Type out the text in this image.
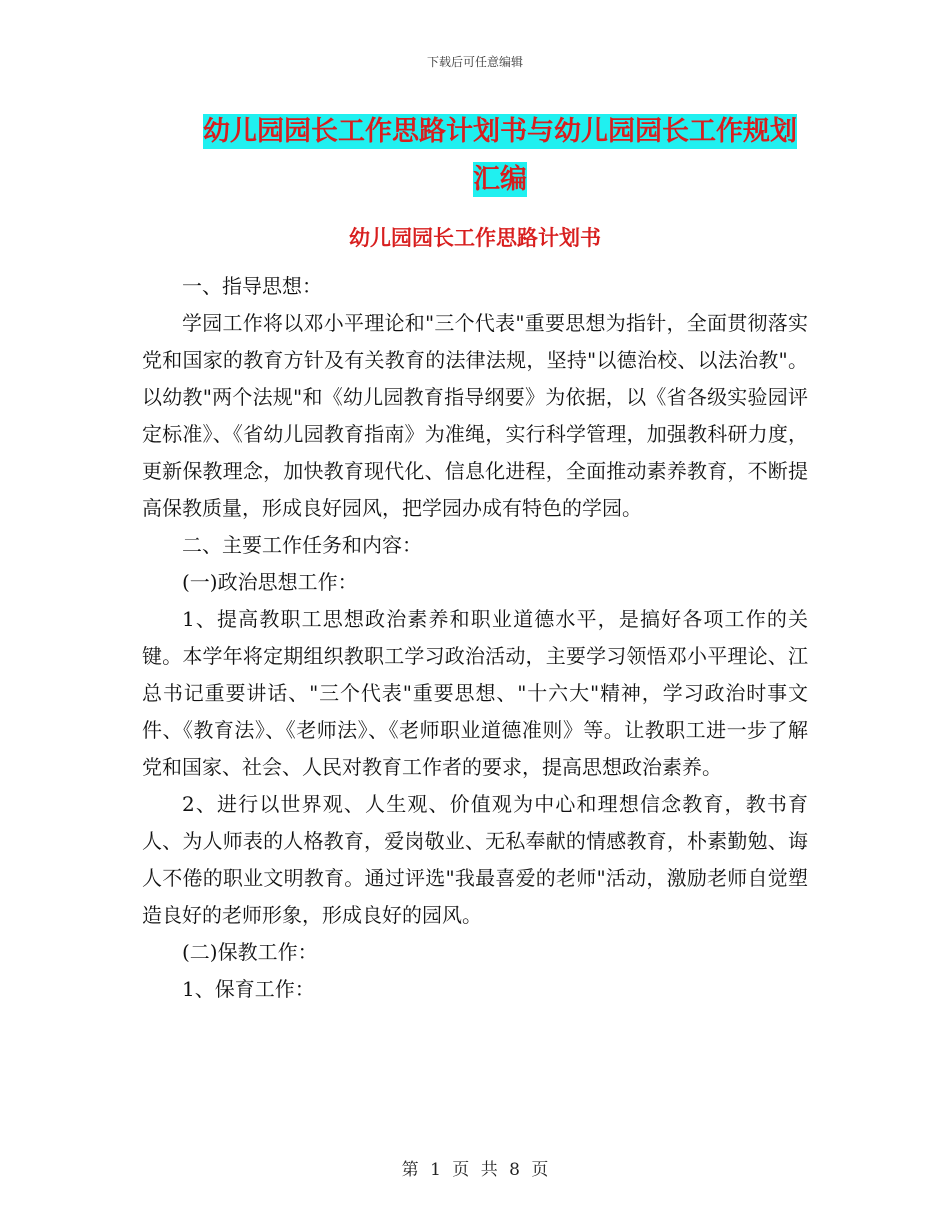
下载后可任意编辑
幼儿园园长工作思路计划书与幼儿园园长工作规划汇编
幼儿园园长工作思路计划书

一、指导思想：

学园工作将以邓小平理论和"三个代表"重要思想为指针，全面贯彻落实党和国家的教育方针及有关教育的法律法规，坚持"以德治校、以法治教"。以幼教"两个法规"和《幼儿园教育指导纲要》为依据，以《省各级实验园评定标准》、《省幼儿园教育指南》为准绳，实行科学管理，加强教科研力度，更新保教理念，加快教育现代化、信息化进程，全面推动素养教育，不断提高保教质量，形成良好园风，把学园办成有特色的学园。

二、主要工作任务和内容：

(一)政治思想工作：

1、提高教职工思想政治素养和职业道德水平，是搞好各项工作的关键。本学年将定期组织教职工学习政治活动，主要学习领悟邓小平理论、江总书记重要讲话、"三个代表"重要思想、"十六大"精神，学习政治时事文件、《教育法》、《老师法》、《老师职业道德准则》等。让教职工进一步了解党和国家、社会、人民对教育工作者的要求，提高思想政治素养。

2、进行以世界观、人生观、价值观为中心和理想信念教育，教书育人、为人师表的人格教育，爱岗敬业、无私奉献的情感教育，朴素勤勉、诲人不倦的职业文明教育。通过评选"我最喜爱的老师"活动，激励老师自觉塑造良好的老师形象，形成良好的园风。

(二)保教工作：

1、保育工作：

第 1 页 共 8 页
